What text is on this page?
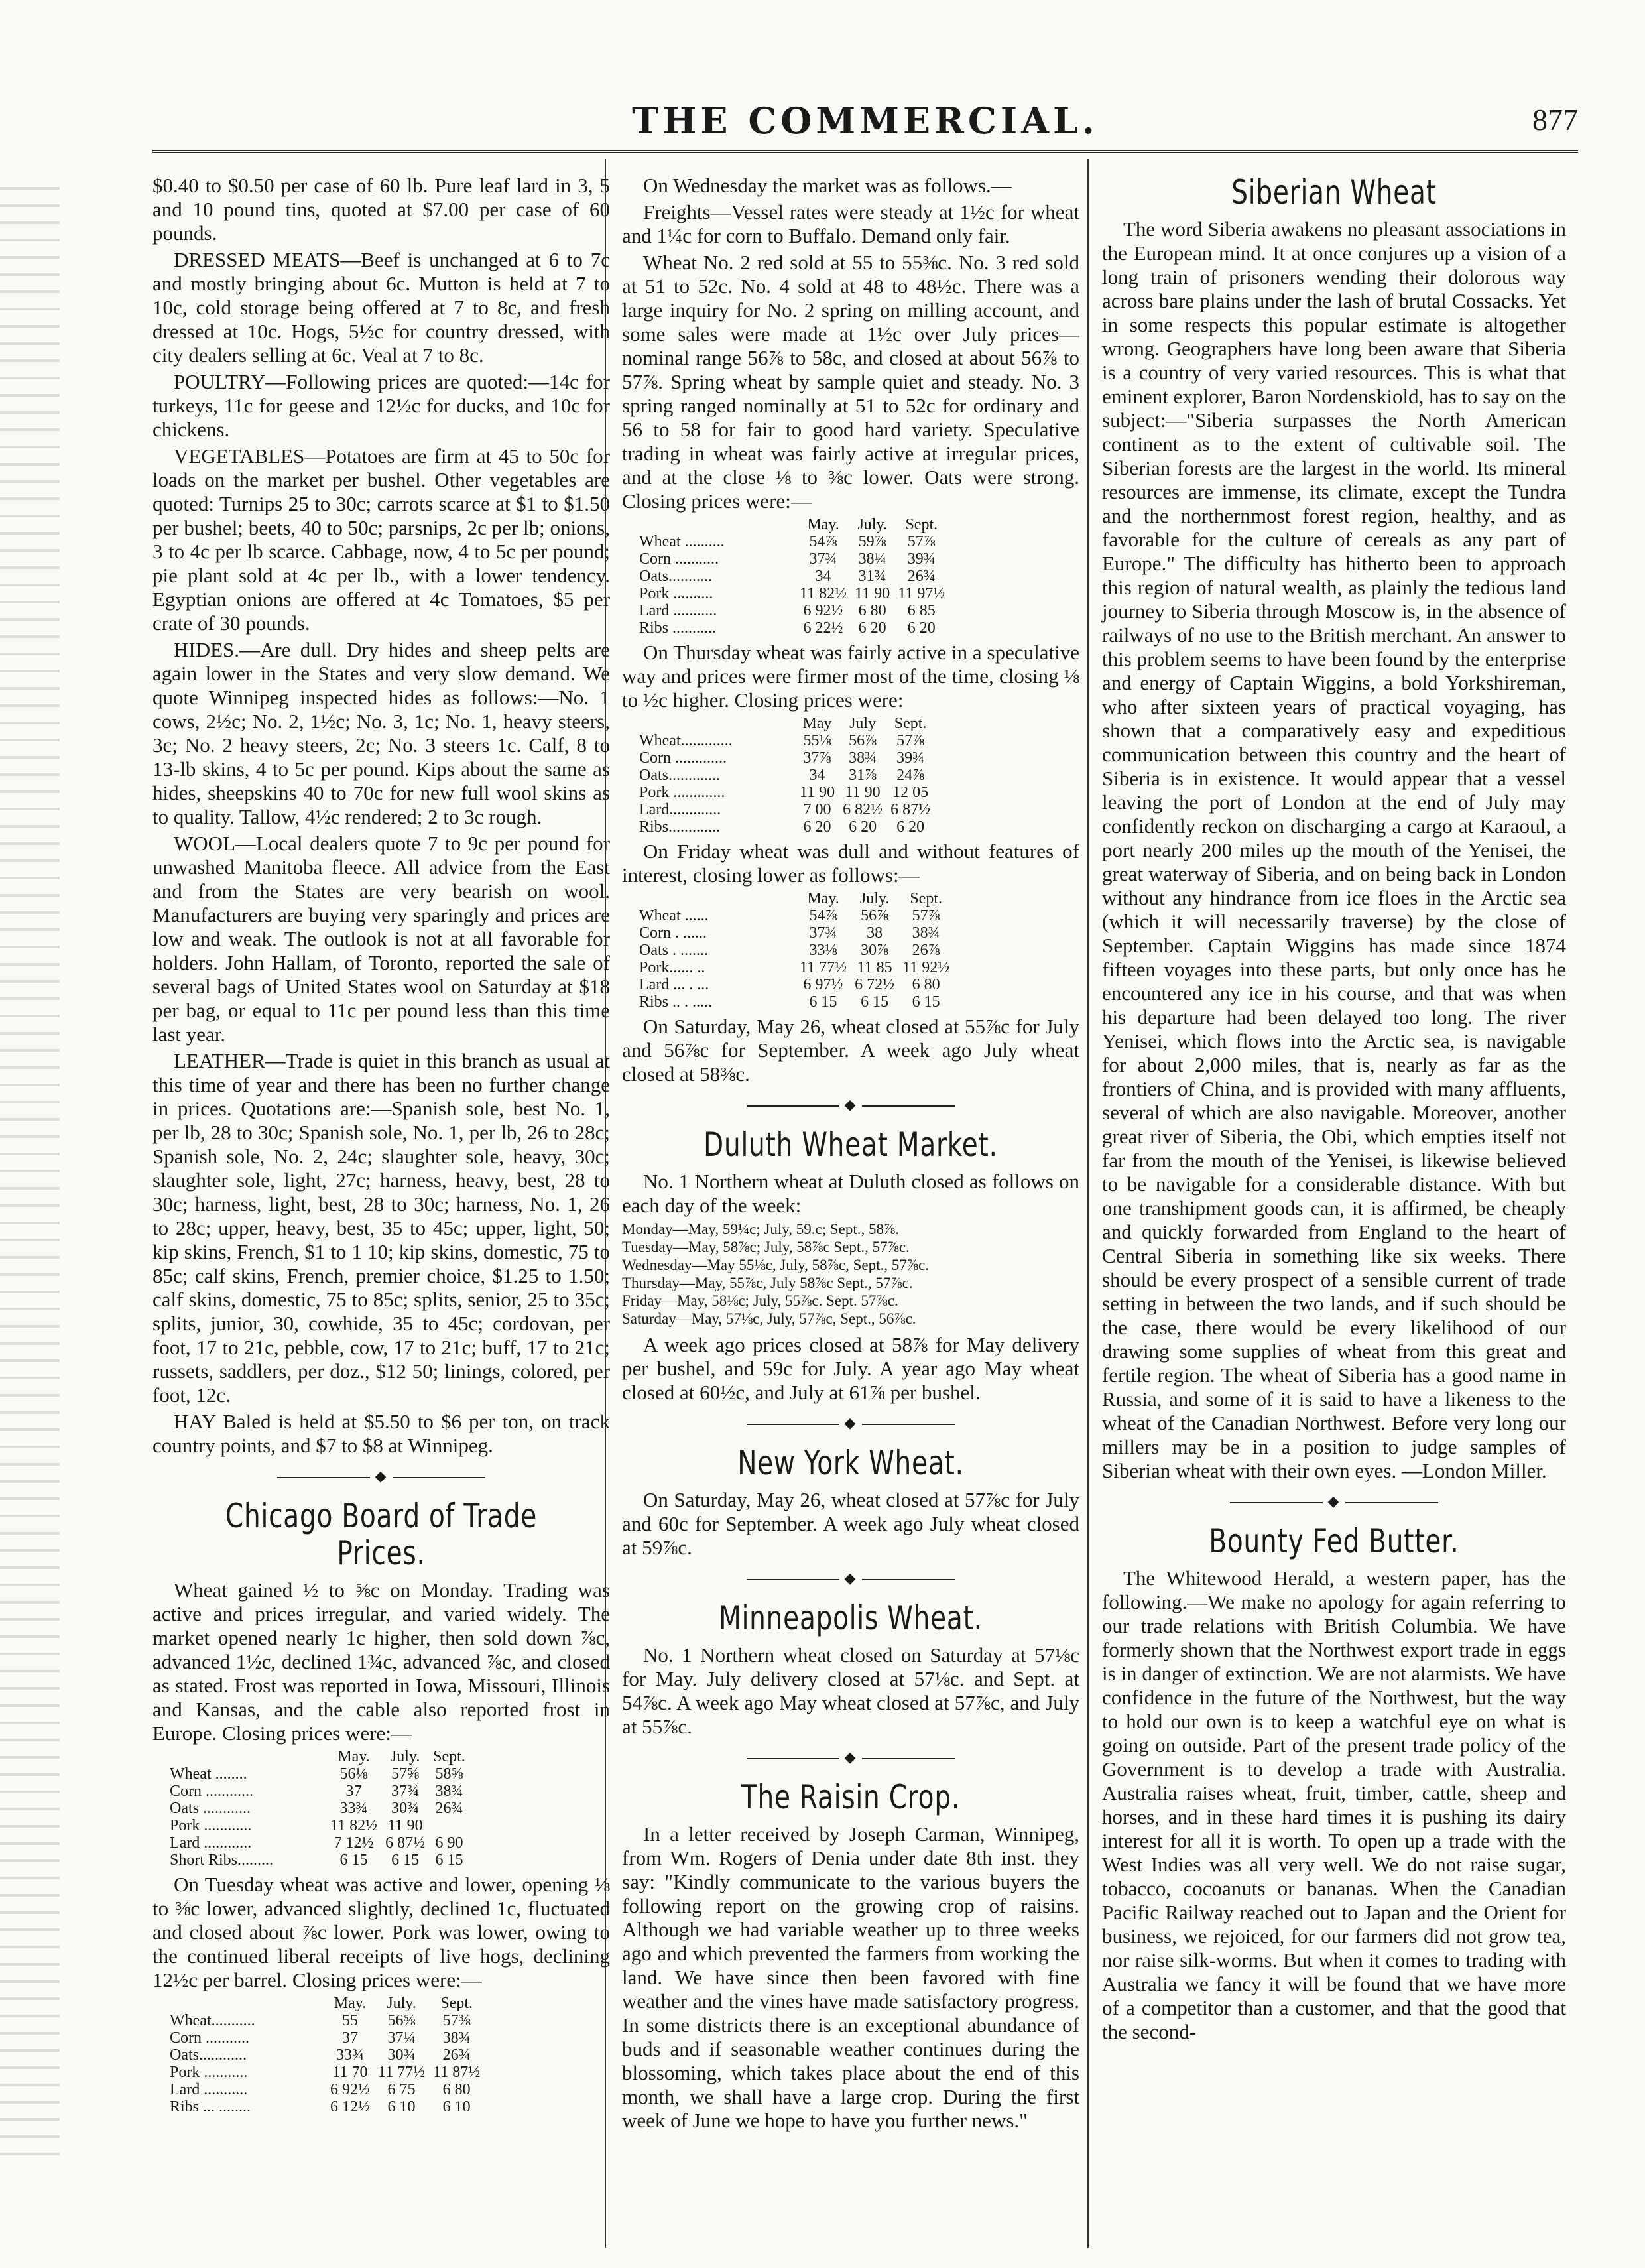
THE COMMERCIAL.	877

$0.40 to $0.50 per case of 60 lb. Pure leaf lard in 3, 5 and 10 pound tins, quoted at $7.00 per case of 60 pounds.

DRESSED MEATS—Beef is unchanged at 6 to 7c and mostly bringing about 6c. Mutton is held at 7 to 10c, cold storage being offered at 7 to 8c, and fresh dressed at 10c. Hogs, 5½c for country dressed, with city dealers selling at 6c. Veal at 7 to 8c.

POULTRY—Following prices are quoted:—14c for turkeys, 11c for geese and 12½c for ducks, and 10c for chickens.

VEGETABLES—Potatoes are firm at 45 to 50c for loads on the market per bushel. Other vegetables are quoted: Turnips 25 to 30c; carrots scarce at $1 to $1.50 per bushel; beets, 40 to 50c; parsnips, 2c per lb; onions, 3 to 4c per lb scarce. Cabbage, now, 4 to 5c per pound; pie plant sold at 4c per lb., with a lower tendency. Egyptian onions are offered at 4c Tomatoes, $5 per crate of 30 pounds.

HIDES.—Are dull. Dry hides and sheep pelts are again lower in the States and very slow demand. We quote Winnipeg inspected hides as follows:—No. 1 cows, 2½c; No. 2, 1½c; No. 3, 1c; No. 1, heavy steers, 3c; No. 2 heavy steers, 2c; No. 3 steers 1c. Calf, 8 to 13-lb skins, 4 to 5c per pound. Kips about the same as hides, sheepskins 40 to 70c for new full wool skins as to quality. Tallow, 4½c rendered; 2 to 3c rough.

WOOL—Local dealers quote 7 to 9c per pound for unwashed Manitoba fleece. All advice from the East and from the States are very bearish on wool. Manufacturers are buying very sparingly and prices are low and weak. The outlook is not at all favorable for holders. John Hallam, of Toronto, reported the sale of several bags of United States wool on Saturday at $18 per bag, or equal to 11c per pound less than this time last year.

LEATHER—Trade is quiet in this branch as usual at this time of year and there has been no further change in prices. Quotations are:—Spanish sole, best No. 1, per lb, 28 to 30c; Spanish sole, No. 1, per lb, 26 to 28c; Spanish sole, No. 2, 24c; slaughter sole, heavy, 30c; slaughter sole, light, 27c; harness, heavy, best, 28 to 30c; harness, light, best, 28 to 30c; harness, No. 1, 26 to 28c; upper, heavy, best, 35 to 45c; upper, light, 50; kip skins, French, $1 to 1 10; kip skins, domestic, 75 to 85c; calf skins, French, premier choice, $1.25 to 1.50; calf skins, domestic, 75 to 85c; splits, senior, 25 to 35c; splits, junior, 30, cowhide, 35 to 45c; cordovan, per foot, 17 to 21c, pebble, cow, 17 to 21c; buff, 17 to 21c; russets, saddlers, per doz., $12 50; linings, colored, per foot, 12c.

HAY Baled is held at $5.50 to $6 per ton, on track country points, and $7 to $8 at Winnipeg.

◆
Chicago Board of Trade Prices.

Wheat gained ½ to ⅝c on Monday. Trading was active and prices irregular, and varied widely. The market opened nearly 1c higher, then sold down ⅞c, advanced 1½c, declined 1¾c, advanced ⅞c, and closed as stated. Frost was reported in Iowa, Missouri, Illinois and Kansas, and the cable also reported frost in Europe. Closing prices were:—

	May.	July.	Sept.
Wheat ........	56⅛	57⅝	58⅝
Corn ............	37	37¾	38¾
Oats ............	33¾	30¾	26¾
Pork ............	11 82½	11 90	
Lard ............	7 12½	6 87½	6 90
Short Ribs.........	6 15	6 15	6 15

On Tuesday wheat was active and lower, opening ⅛ to ⅜c lower, advanced slightly, declined 1c, fluctuated and closed about ⅞c lower. Pork was lower, owing to the continued liberal receipts of live hogs, declining 12½c per barrel. Closing prices were:—

	May.	July.	Sept.
Wheat...........	55	56⅝	57⅜
Corn ...........	37	37¼	38¾
Oats............	33¾	30¾	26¾
Pork ...........	11 70	11 77½	11 87½
Lard ...........	6 92½	6 75	6 80
Ribs ... ........	6 12½	6 10	6 10

On Wednesday the market was as follows.—

Freights—Vessel rates were steady at 1½c for wheat and 1¼c for corn to Buffalo. Demand only fair.

Wheat No. 2 red sold at 55 to 55⅜c. No. 3 red sold at 51 to 52c. No. 4 sold at 48 to 48½c. There was a large inquiry for No. 2 spring on milling account, and some sales were made at 1½c over July prices—nominal range 56⅞ to 58c, and closed at about 56⅞ to 57⅞. Spring wheat by sample quiet and steady. No. 3 spring ranged nominally at 51 to 52c for ordinary and 56 to 58 for fair to good hard variety. Speculative trading in wheat was fairly active at irregular prices, and at the close ⅛ to ⅜c lower. Oats were strong. Closing prices were:—

	May.	July.	Sept.
Wheat ..........	54⅞	59⅞	57⅞
Corn ...........	37¾	38¼	39¾
Oats...........	34	31¾	26¾
Pork ..........	11 82½	11 90	11 97½
Lard ...........	6 92½	6 80	6 85
Ribs ...........	6 22½	6 20	6 20

On Thursday wheat was fairly active in a speculative way and prices were firmer most of the time, closing ⅛ to ½c higher. Closing prices were:

	May	July	Sept.
Wheat.............	55⅛	56⅞	57⅞
Corn .............	37⅞	38¾	39¾
Oats.............	34	31⅞	24⅞
Pork .............	11 90	11 90	12 05
Lard.............	7 00	6 82½	6 87½
Ribs.............	6 20	6 20	6 20

On Friday wheat was dull and without features of interest, closing lower as follows:—

	May.	July.	Sept.
Wheat ......	54⅞	56⅞	57⅞
Corn . ......	37¾	38	38¾
Oats . .......	33⅛	30⅞	26⅞
Pork...... ..	11 77½	11 85	11 92½
Lard ... . ...	6 97½	6 72½	6 80
Ribs .. . .....	6 15	6 15	6 15

On Saturday, May 26, wheat closed at 55⅞c for July and 56⅞c for September. A week ago July wheat closed at 58⅜c.

◆
Duluth Wheat Market.

No. 1 Northern wheat at Duluth closed as follows on each day of the week:

Monday—May, 59¼c; July, 59.c; Sept., 58⅞.
Tuesday—May, 58⅞c; July, 58⅞c Sept., 57⅞c.
Wednesday—May 55⅛c, July, 58⅞c, Sept., 57⅞c.
Thursday—May, 55⅞c, July 58⅞c Sept., 57⅞c.
Friday—May, 58⅛c; July, 55⅞c. Sept. 57⅞c.
Saturday—May, 57⅛c, July, 57⅞c, Sept., 56⅞c.

A week ago prices closed at 58⅞ for May delivery per bushel, and 59c for July. A year ago May wheat closed at 60½c, and July at 61⅞ per bushel.

◆
New York Wheat.

On Saturday, May 26, wheat closed at 57⅞c for July and 60c for September. A week ago July wheat closed at 59⅞c.

◆
Minneapolis Wheat.

No. 1 Northern wheat closed on Saturday at 57⅛c for May. July delivery closed at 57⅛c. and Sept. at 54⅞c. A week ago May wheat closed at 57⅞c, and July at 55⅞c.

◆
The Raisin Crop.

In a letter received by Joseph Carman, Winnipeg, from Wm. Rogers of Denia under date 8th inst. they say: "Kindly communicate to the various buyers the following report on the growing crop of raisins. Although we had variable weather up to three weeks ago and which prevented the farmers from working the land. We have since then been favored with fine weather and the vines have made satisfactory progress. In some districts there is an exceptional abundance of buds and if seasonable weather continues during the blossoming, which takes place about the end of this month, we shall have a large crop. During the first week of June we hope to have you further news."

Siberian Wheat

The word Siberia awakens no pleasant associations in the European mind. It at once conjures up a vision of a long train of prisoners wending their dolorous way across bare plains under the lash of brutal Cossacks. Yet in some respects this popular estimate is altogether wrong. Geographers have long been aware that Siberia is a country of very varied resources. This is what that eminent explorer, Baron Nordenskiold, has to say on the subject:—"Siberia surpasses the North American continent as to the extent of cultivable soil. The Siberian forests are the largest in the world. Its mineral resources are immense, its climate, except the Tundra and the northernmost forest region, healthy, and as favorable for the culture of cereals as any part of Europe." The difficulty has hitherto been to approach this region of natural wealth, as plainly the tedious land journey to Siberia through Moscow is, in the absence of railways of no use to the British merchant. An answer to this problem seems to have been found by the enterprise and energy of Captain Wiggins, a bold Yorkshireman, who after sixteen years of practical voyaging, has shown that a comparatively easy and expeditious communication between this country and the heart of Siberia is in existence. It would appear that a vessel leaving the port of London at the end of July may confidently reckon on discharging a cargo at Karaoul, a port nearly 200 miles up the mouth of the Yenisei, the great waterway of Siberia, and on being back in London without any hindrance from ice floes in the Arctic sea (which it will necessarily traverse) by the close of September. Captain Wiggins has made since 1874 fifteen voyages into these parts, but only once has he encountered any ice in his course, and that was when his departure had been delayed too long. The river Yenisei, which flows into the Arctic sea, is navigable for about 2,000 miles, that is, nearly as far as the frontiers of China, and is provided with many affluents, several of which are also navigable. Moreover, another great river of Siberia, the Obi, which empties itself not far from the mouth of the Yenisei, is likewise believed to be navigable for a considerable distance. With but one transhipment goods can, it is affirmed, be cheaply and quickly forwarded from England to the heart of Central Siberia in something like six weeks. There should be every prospect of a sensible current of trade setting in between the two lands, and if such should be the case, there would be every likelihood of our drawing some supplies of wheat from this great and fertile region. The wheat of Siberia has a good name in Russia, and some of it is said to have a likeness to the wheat of the Canadian Northwest. Before very long our millers may be in a position to judge samples of Siberian wheat with their own eyes. —London Miller.

◆
Bounty Fed Butter.

The Whitewood Herald, a western paper, has the following.—We make no apology for again referring to our trade relations with British Columbia. We have formerly shown that the Northwest export trade in eggs is in danger of extinction. We are not alarmists. We have confidence in the future of the Northwest, but the way to hold our own is to keep a watchful eye on what is going on outside. Part of the present trade policy of the Government is to develop a trade with Australia. Australia raises wheat, fruit, timber, cattle, sheep and horses, and in these hard times it is pushing its dairy interest for all it is worth. To open up a trade with the West Indies was all very well. We do not raise sugar, tobacco, cocoanuts or bananas. When the Canadian Pacific Railway reached out to Japan and the Orient for business, we rejoiced, for our farmers did not grow tea, nor raise silk-worms. But when it comes to trading with Australia we fancy it will be found that we have more of a competitor than a customer, and that the good that the second-
